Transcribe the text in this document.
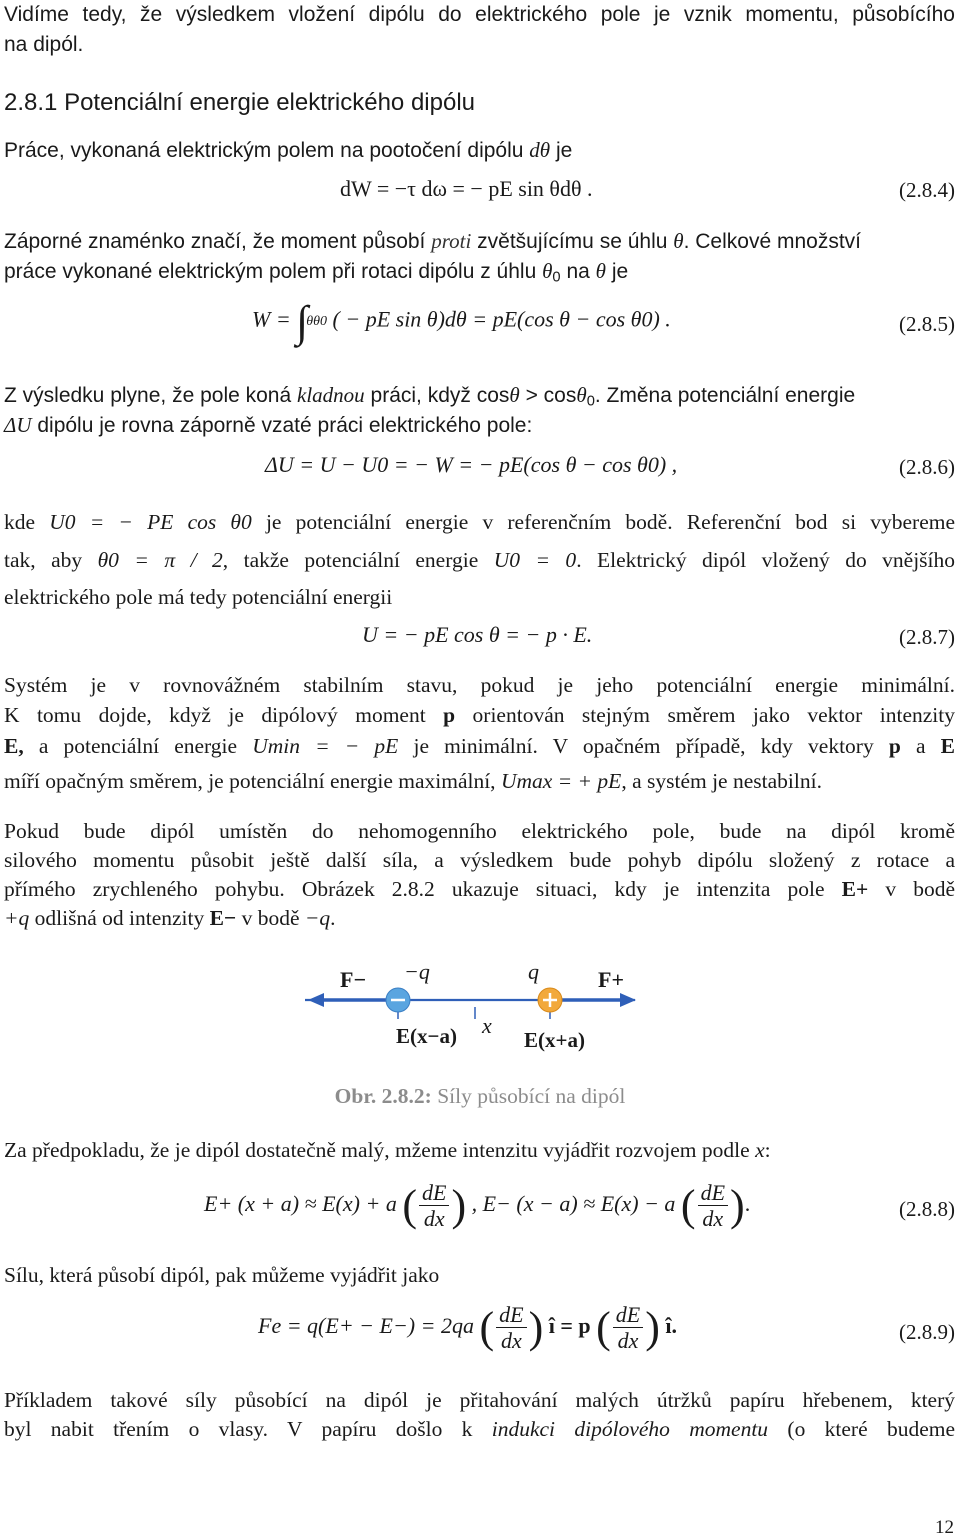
Vidíme tedy, že výsledkem vložení dipólu do elektrického pole je vznik momentu, působícího
na dipól.
2.8.1 Potenciální energie elektrického dipólu
Práce, vykonaná elektrickým polem na pootočení dipólu dθ je
dW = −τ dω = − pE sin θdθ .	(2.8.4)
Záporné znaménko značí, že moment působí proti zvětšujícímu se úhlu θ. Celkové množství
práce vykonané elektrickým polem při rotaci dipólu z úhlu $\theta_0$ na θ je
W = ∫θθ0 ( − pE sin θ)dθ = pE(cos θ − cos θ0) .	(2.8.5)
Z výsledku plyne, že pole koná kladnou práci, když cosθ > cosθ$_0$. Změna potenciální energie
ΔU dipólu je rovna záporně vzaté práci elektrického pole:
ΔU = U − U0 = − W = − pE(cos θ − cos θ0) ,	(2.8.6)
kde U0 = − PE cos θ0 je potenciální energie v referenčním bodě. Referenční bod si vybereme
tak, aby θ0 = π / 2, takže potenciální energie U0 = 0. Elektrický dipól vložený do vnějšího
elektrického pole má tedy potenciální energii
U = − pE cos θ = − p · E.	(2.8.7)
Systém je v rovnovážném stabilním stavu, pokud je jeho potenciální energie minimální.
K tomu dojde, když je dipólový moment p orientován stejným směrem jako vektor intenzity
E, a potenciální energie Umin = − pE je minimální. V opačném případě, kdy vektory p a E
míří opačným směrem, je potenciální energie maximální, Umax = + pE, a systém je nestabilní.
Pokud bude dipól umístěn do nehomogenního elektrického pole, bude na dipól kromě
silového momentu působit ještě další síla, a výsledkem bude pohyb dipólu složený z rotace a
přímého zrychleného pohybu. Obrázek 2.8.2 ukazuje situaci, kdy je intenzita pole E+ v bodě
+q odlišná od intenzity E− v bodě −q.
F−	F+
−q	q
E(x−a)	E(x+a)
x
Obr. 2.8.2: Síly působící na dipól
Za předpokladu, že je dipól dostatečně malý, mžeme intenzitu vyjádřit rozvojem podle x:
E+ (x + a) ≈ E(x) + a ( $\frac{dE}{dx}$ ) , E− (x − a) ≈ E(x) − a ( $\frac{dE}{dx}$ ).	(2.8.8)
Sílu, která působí dipól, pak můžeme vyjádřit jako
Fe = q(E+ − E−) = 2qa ( $\frac{dE}{dx}$ ) î = p ( $\frac{dE}{dx}$ ) î.	(2.8.9)
Příkladem takové síly působící na dipól je přitahování malých útržků papíru hřebenem, který
byl nabit třením o vlasy. V papíru došlo k indukci dipólového momentu (o které budeme
12
